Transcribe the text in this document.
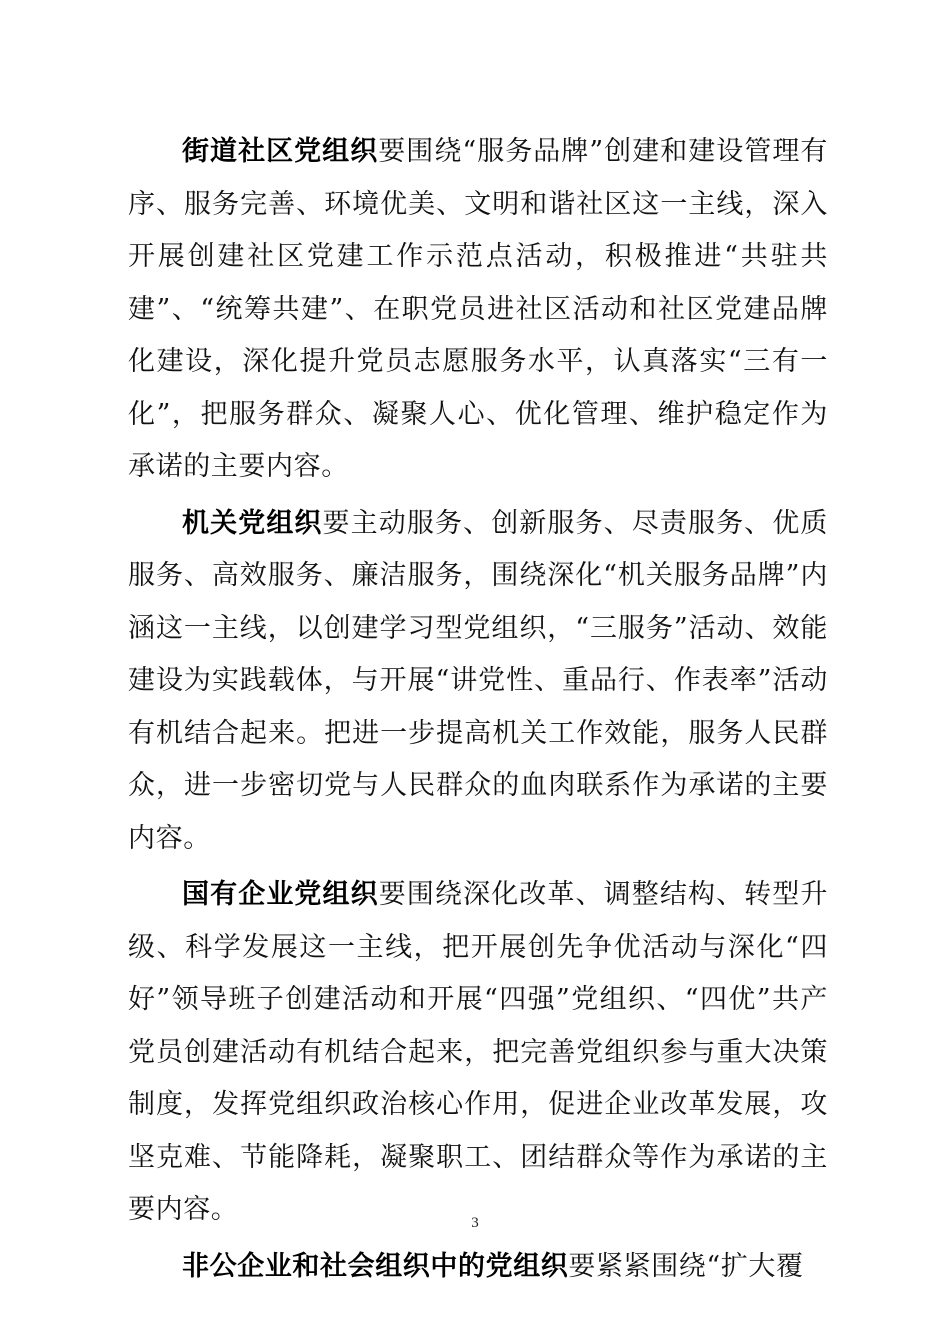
街道社区党组织要围绕“服务品牌”创建和建设管理有序、服务完善、环境优美、文明和谐社区这一主线，深入开展创建社区党建工作示范点活动，积极推进“共驻共建”、“统筹共建”、在职党员进社区活动和社区党建品牌化建设，深化提升党员志愿服务水平，认真落实“三有一化”，把服务群众、凝聚人心、优化管理、维护稳定作为承诺的主要内容。

机关党组织要主动服务、创新服务、尽责服务、优质服务、高效服务、廉洁服务，围绕深化“机关服务品牌”内涵这一主线，以创建学习型党组织，“三服务”活动、效能建设为实践载体，与开展“讲党性、重品行、作表率”活动有机结合起来。把进一步提高机关工作效能，服务人民群众，进一步密切党与人民群众的血肉联系作为承诺的主要内容。

国有企业党组织要围绕深化改革、调整结构、转型升级、科学发展这一主线，把开展创先争优活动与深化“四好”领导班子创建活动和开展“四强”党组织、“四优”共产党员创建活动有机结合起来，把完善党组织参与重大决策制度，发挥党组织政治核心作用，促进企业改革发展，攻坚克难、节能降耗，凝聚职工、团结群众等作为承诺的主要内容。

非公企业和社会组织中的党组织要紧紧围绕“扩大覆

3
